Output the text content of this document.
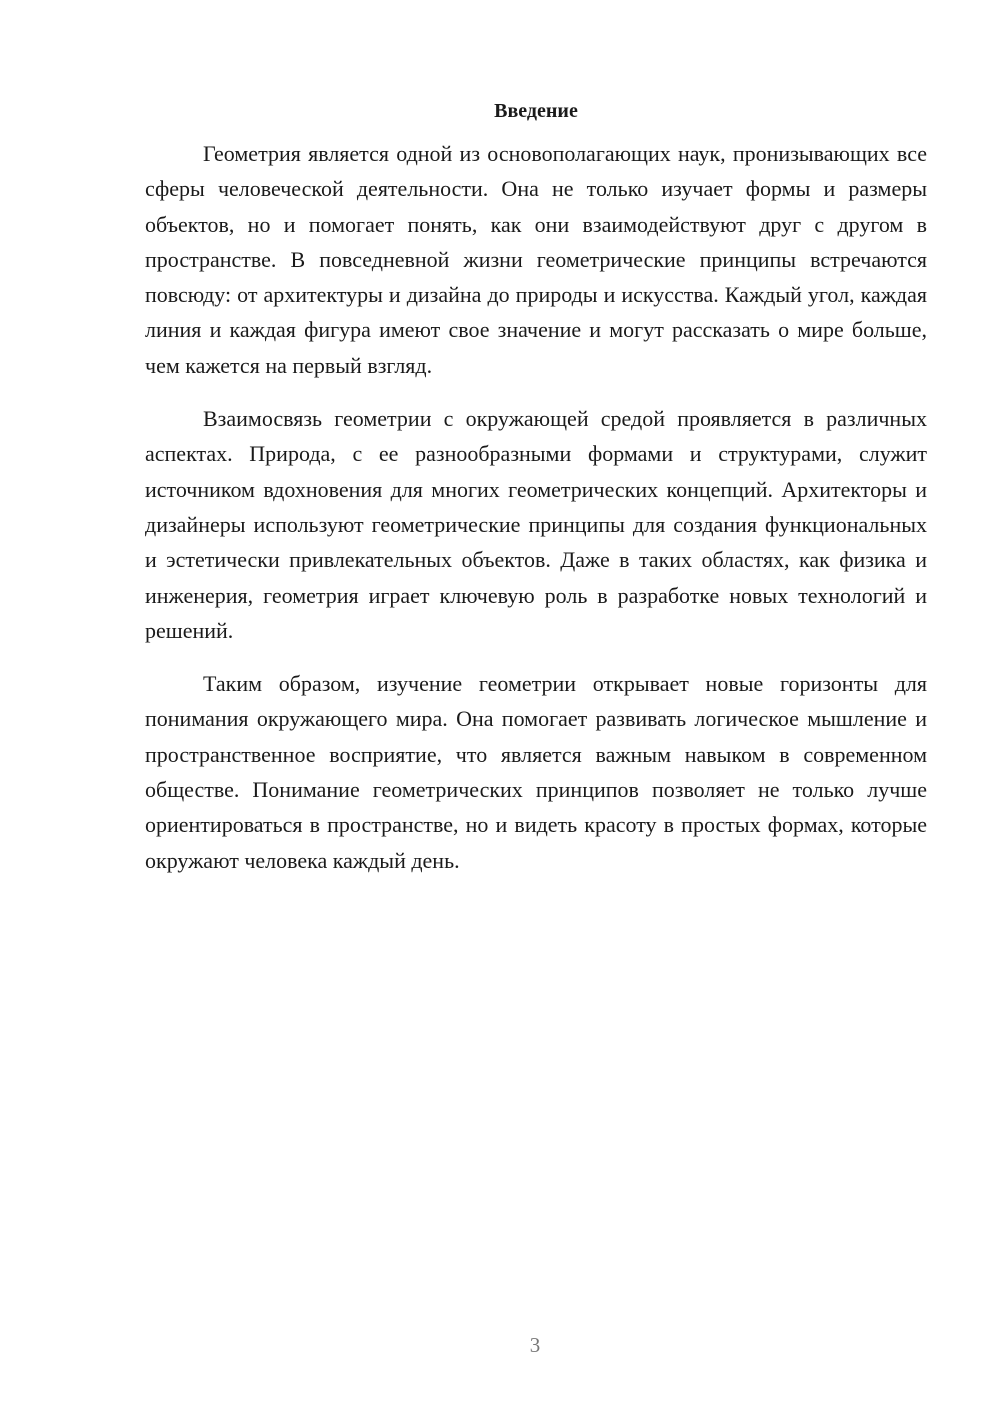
Введение

Геометрия является одной из основополагающих наук, пронизывающих все сферы человеческой деятельности. Она не только изучает формы и размеры объектов, но и помогает понять, как они взаимодействуют друг с другом в пространстве. В повседневной жизни геометрические принципы встречаются повсюду: от архитектуры и дизайна до природы и искусства. Каждый угол, каждая линия и каждая фигура имеют свое значение и могут рассказать о мире больше, чем кажется на первый взгляд.

Взаимосвязь геометрии с окружающей средой проявляется в различных аспектах. Природа, с ее разнообразными формами и структурами, служит источником вдохновения для многих геометрических концепций. Архитекторы и дизайнеры используют геометрические принципы для создания функциональных и эстетически привлекательных объектов. Даже в таких областях, как физика и инженерия, геометрия играет ключевую роль в разработке новых технологий и решений.

Таким образом, изучение геометрии открывает новые горизонты для понимания окружающего мира. Она помогает развивать логическое мышление и пространственное восприятие, что является важным навыком в современном обществе. Понимание геометрических принципов позволяет не только лучше ориентироваться в пространстве, но и видеть красоту в простых формах, которые окружают человека каждый день.

3
